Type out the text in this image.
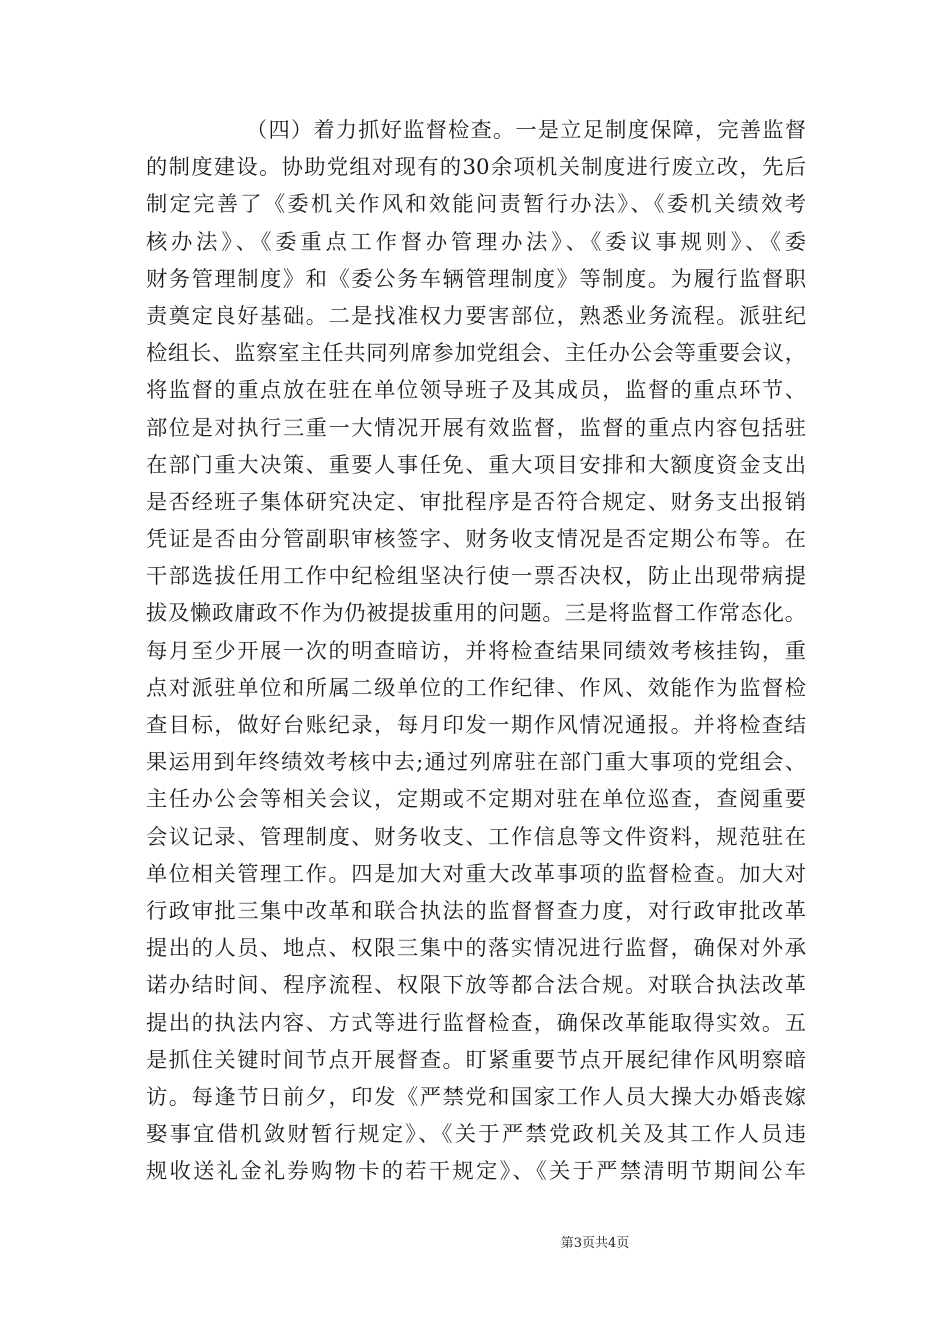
（四）着力抓好监督检查。一是立足制度保障，完善监督
的制度建设。协助党组对现有的30余项机关制度进行废立改，先后
制定完善了《委机关作风和效能问责暂行办法》、《委机关绩效考
核办法》、《委重点工作督办管理办法》、《委议事规则》、《委
财务管理制度》和《委公务车辆管理制度》等制度。为履行监督职
责奠定良好基础。二是找准权力要害部位，熟悉业务流程。派驻纪
检组长、监察室主任共同列席参加党组会、主任办公会等重要会议，
将监督的重点放在驻在单位领导班子及其成员，监督的重点环节、
部位是对执行三重一大情况开展有效监督，监督的重点内容包括驻
在部门重大决策、重要人事任免、重大项目安排和大额度资金支出
是否经班子集体研究决定、审批程序是否符合规定、财务支出报销
凭证是否由分管副职审核签字、财务收支情况是否定期公布等。在
干部选拔任用工作中纪检组坚决行使一票否决权，防止出现带病提
拔及懒政庸政不作为仍被提拔重用的问题。三是将监督工作常态化。
每月至少开展一次的明查暗访，并将检查结果同绩效考核挂钩，重
点对派驻单位和所属二级单位的工作纪律、作风、效能作为监督检
查目标，做好台账纪录，每月印发一期作风情况通报。并将检查结
果运用到年终绩效考核中去;通过列席驻在部门重大事项的党组会、
主任办公会等相关会议，定期或不定期对驻在单位巡查，查阅重要
会议记录、管理制度、财务收支、工作信息等文件资料，规范驻在
单位相关管理工作。四是加大对重大改革事项的监督检查。加大对
行政审批三集中改革和联合执法的监督督查力度，对行政审批改革
提出的人员、地点、权限三集中的落实情况进行监督，确保对外承
诺办结时间、程序流程、权限下放等都合法合规。对联合执法改革
提出的执法内容、方式等进行监督检查，确保改革能取得实效。五
是抓住关键时间节点开展督查。盯紧重要节点开展纪律作风明察暗
访。每逢节日前夕，印发《严禁党和国家工作人员大操大办婚丧嫁
娶事宜借机敛财暂行规定》、《关于严禁党政机关及其工作人员违
规收送礼金礼券购物卡的若干规定》、《关于严禁清明节期间公车
第3页共4页
